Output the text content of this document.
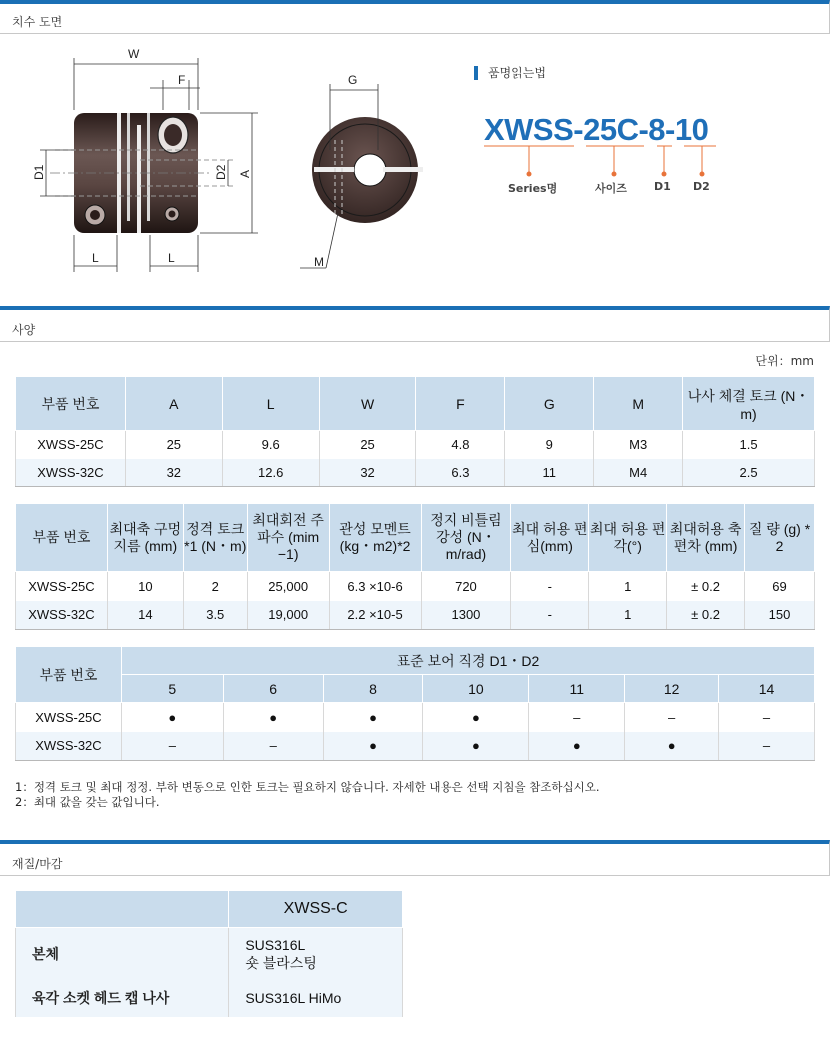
치수 도면
W
F
D1	D2 A
L	L
G
M
품명읽는법
XWSS-25C-8-10
Series명	사이즈 D1 D2
사양
단위：mm
부품 번호	A	L	W	F	G	M	나사 체결 토크 (N・m)
XWSS-25C	25	9.6	25	4.8	9	M3	1.5
XWSS-32C	32	12.6	32	6.3	11	M4	2.5
부품 번호	최대축 구멍지름 (mm)	정격 토크*1 (N・m)	최대회전 주파수 (mim −1)	관성 모멘트 (kg・m2)*2	정지 비틀림 강성 (N・m/rad)	최대 허용 편심(mm)	최대 허용 편각(°)	최대허용 축 편차 (mm)	질 량 (g) * 2
XWSS-25C	10	2	25,000	6.3 ×10-6	720	-	1	± 0.2	69
XWSS-32C	14	3.5	19,000	2.2 ×10-5	1300	-	1	± 0.2	150
부품 번호	표준 보어 직경 D1・D2						
	5	6	8	10	11	12	14
XWSS-25C	●	●	●	●	–	–	–
XWSS-32C	–	–	●	●	●	●	–
1：정격 토크 및 최대 정정. 부하 변동으로 인한 토크는 필요하지 않습니다. 자세한 내용은 선택 지침을 참조하십시오.
2：최대 값을 갖는 값입니다.
재질/마감
	XWSS-C
본체	SUS316L
숏 블라스팅

육각 소켓 헤드 캡 나사	SUS316L HiMo
